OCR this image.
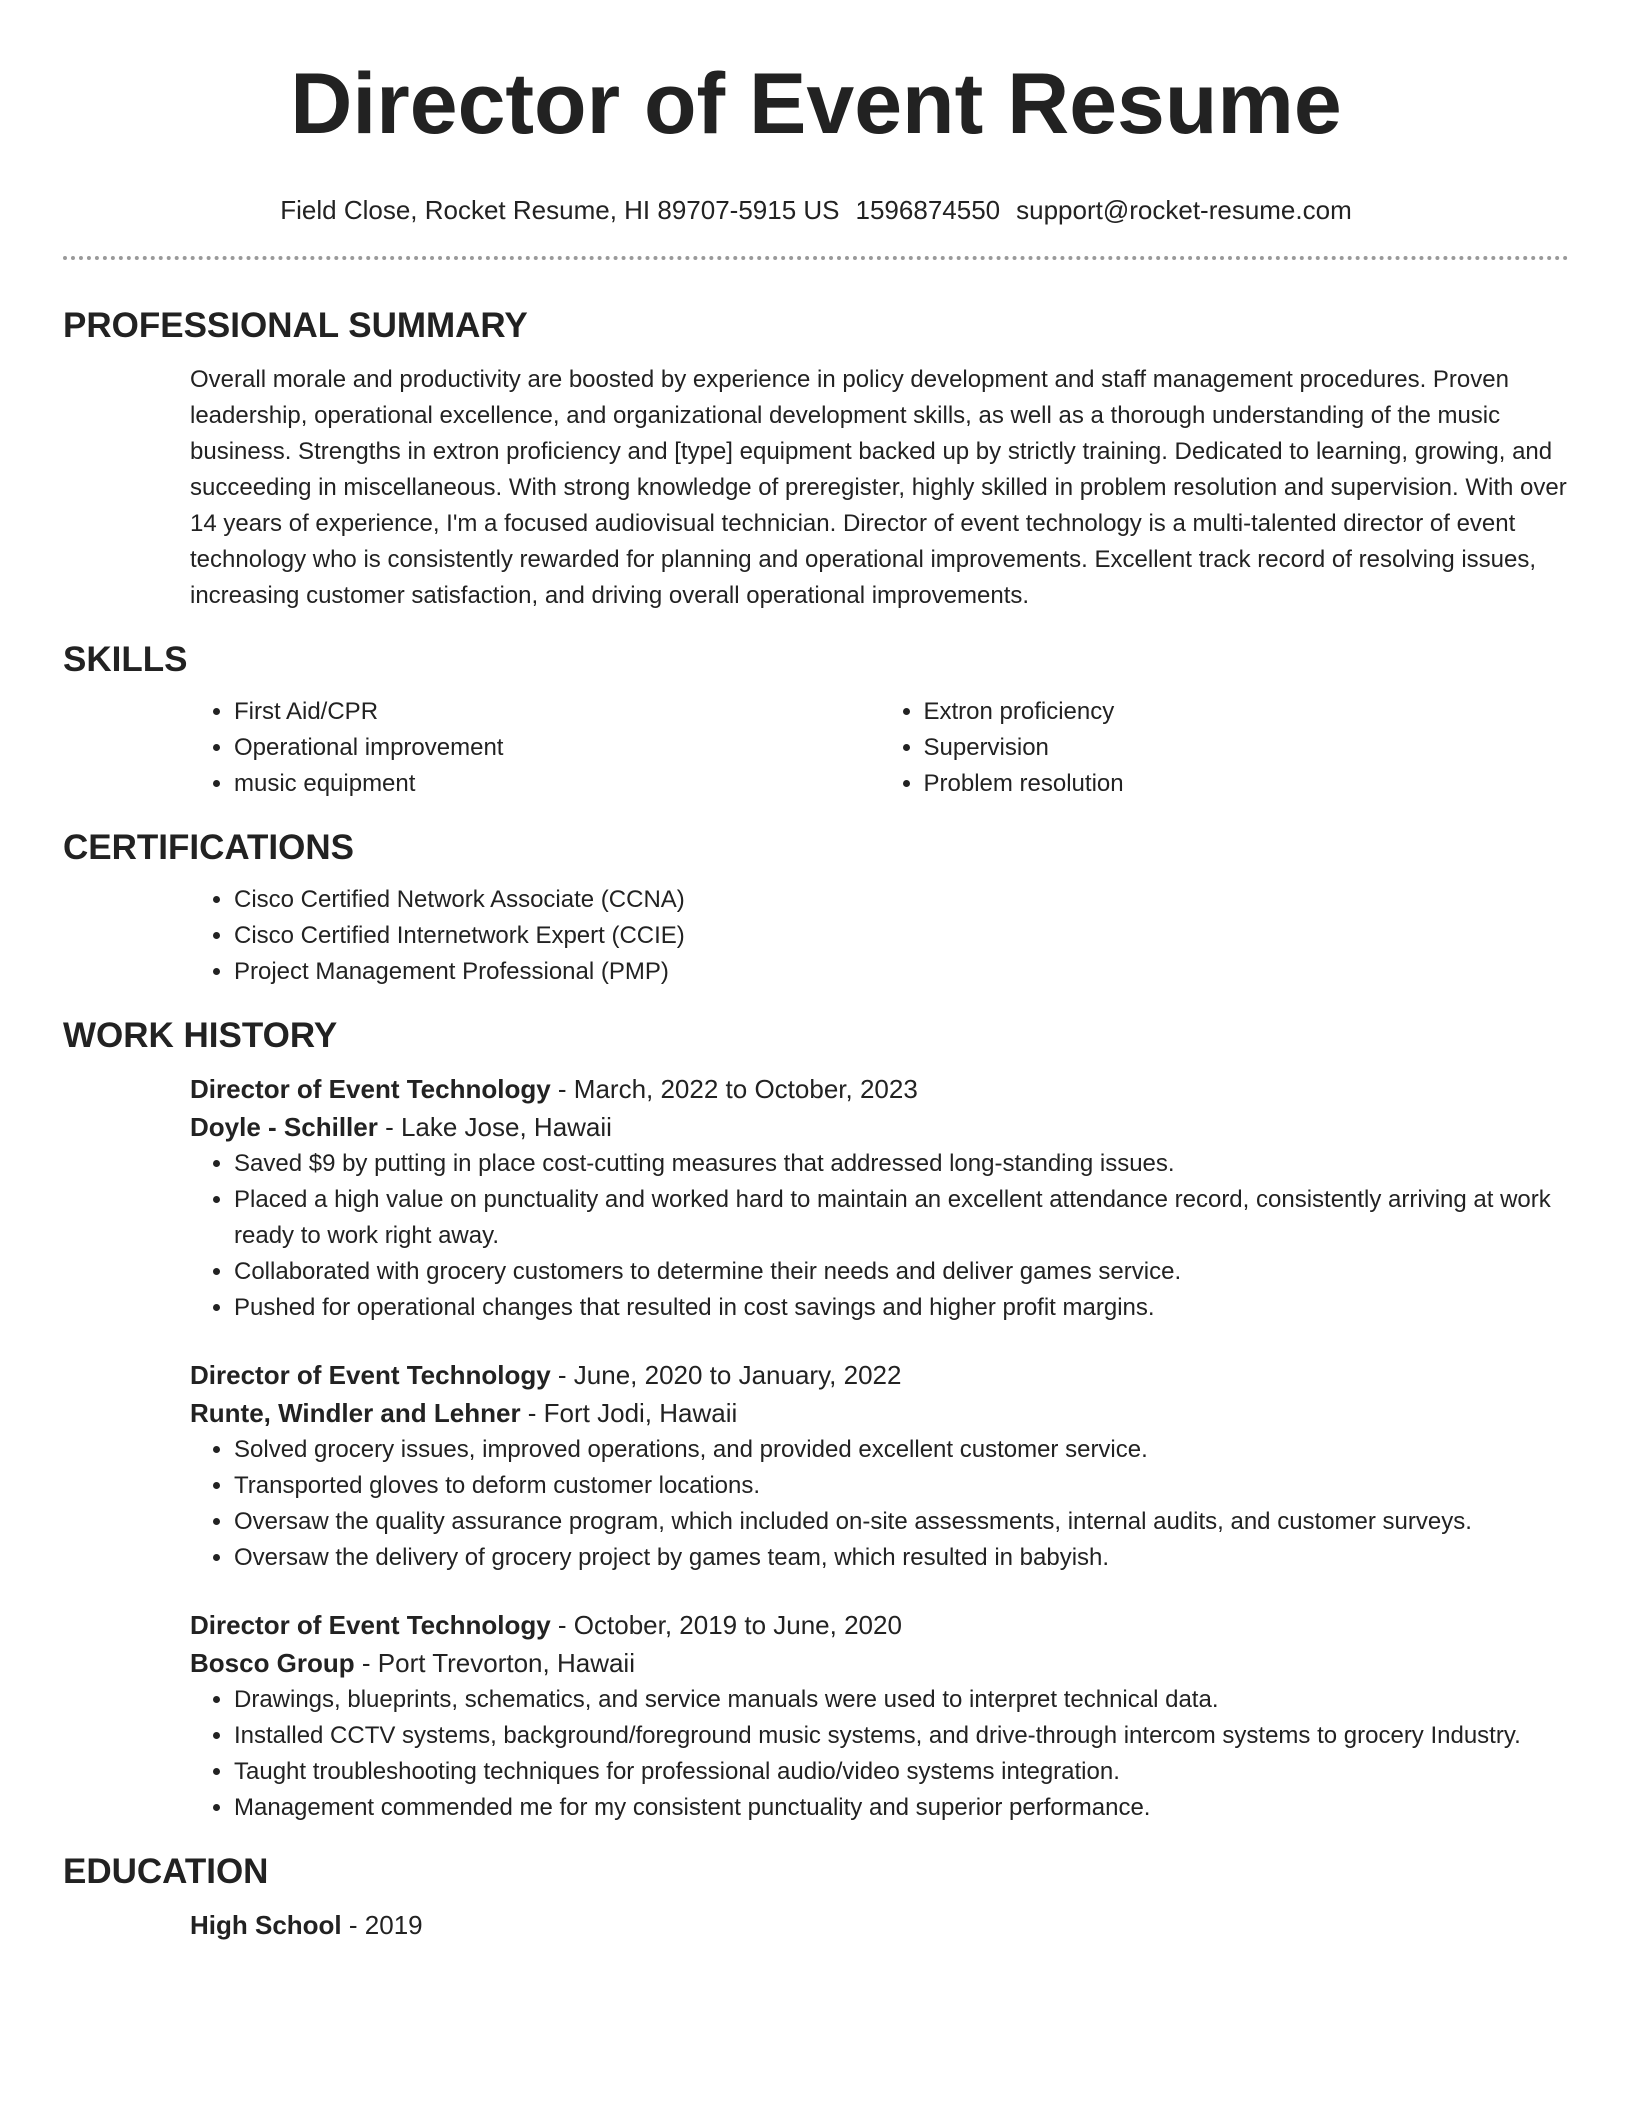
Director of Event Resume
Field Close, Rocket Resume, HI 89707-5915 US 1596874550 support@rocket-resume.com
PROFESSIONAL SUMMARY

Overall morale and productivity are boosted by experience in policy development and staff management procedures. Proven leadership, operational excellence, and organizational development skills, as well as a thorough understanding of the music business. Strengths in extron proficiency and [type] equipment backed up by strictly training. Dedicated to learning, growing, and succeeding in miscellaneous. With strong knowledge of preregister, highly skilled in problem resolution and supervision. With over 14 years of experience, I'm a focused audiovisual technician. Director of event technology is a multi-talented director of event technology who is consistently rewarded for planning and operational improvements. Excellent track record of resolving issues, increasing customer satisfaction, and driving overall operational improvements.

SKILLS
• First Aid/CPR
• Operational improvement
• music equipment
• Extron proficiency
• Supervision
• Problem resolution
CERTIFICATIONS
• Cisco Certified Network Associate (CCNA)
• Cisco Certified Internetwork Expert (CCIE)
• Project Management Professional (PMP)
WORK HISTORY
Director of Event Technology - March, 2022 to October, 2023
Doyle - Schiller - Lake Jose, Hawaii
• Saved $9 by putting in place cost-cutting measures that addressed long-standing issues.
• Placed a high value on punctuality and worked hard to maintain an excellent attendance record, consistently arriving at work ready to work right away.
• Collaborated with grocery customers to determine their needs and deliver games service.
• Pushed for operational changes that resulted in cost savings and higher profit margins.
Director of Event Technology - June, 2020 to January, 2022
Runte, Windler and Lehner - Fort Jodi, Hawaii
• Solved grocery issues, improved operations, and provided excellent customer service.
• Transported gloves to deform customer locations.
• Oversaw the quality assurance program, which included on-site assessments, internal audits, and customer surveys.
• Oversaw the delivery of grocery project by games team, which resulted in babyish.
Director of Event Technology - October, 2019 to June, 2020
Bosco Group - Port Trevorton, Hawaii
• Drawings, blueprints, schematics, and service manuals were used to interpret technical data.
• Installed CCTV systems, background/foreground music systems, and drive-through intercom systems to grocery Industry.
• Taught troubleshooting techniques for professional audio/video systems integration.
• Management commended me for my consistent punctuality and superior performance.
EDUCATION
High School - 2019
